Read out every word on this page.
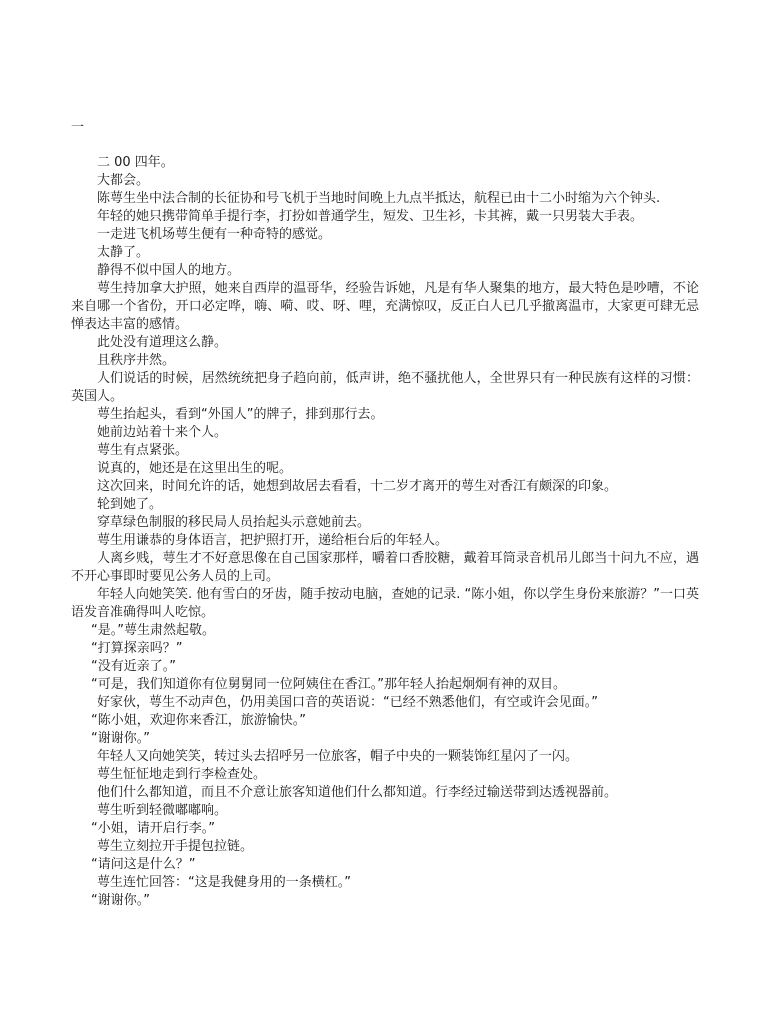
一

二 00 四年。

大都会。

陈萼生坐中法合制的长征协和号飞机于当地时间晚上九点半抵达，航程已由十二小时缩为六个钟头.

年轻的她只携带简单手提行李，打扮如普通学生，短发、卫生衫，卡其裤，戴一只男装大手表。

一走进飞机场萼生便有一种奇特的感觉。

太静了。

静得不似中国人的地方。

萼生持加拿大护照，她来自西岸的温哥华，经验告诉她，凡是有华人聚集的地方，最大特色是吵嘈，不论来自哪一个省份，开口必定哗，嗨、嗬、哎、呀、哩，充满惊叹，反正白人已几乎撤离温市，大家更可肆无忌惮表达丰富的感情。

此处没有道理这么静。

且秩序井然。

人们说话的时候，居然统统把身子趋向前，低声讲，绝不骚扰他人，全世界只有一种民族有这样的习惯：英国人。

萼生抬起头，看到“外国人”的牌子，排到那行去。

她前边站着十来个人。

萼生有点紧张。

说真的，她还是在这里出生的呢。

这次回来，时间允许的话，她想到故居去看看，十二岁才离开的萼生对香江有颇深的印象。

轮到她了。

穿草绿色制服的移民局人员抬起头示意她前去。

萼生用谦恭的身体语言，把护照打开，递给柜台后的年轻人。

人离乡贱，萼生才不好意思像在自己国家那样，嚼着口香胶糖，戴着耳筒录音机吊儿郎当十问九不应，遇不开心事即时要见公务人员的上司。

年轻人向她笑笑. 他有雪白的牙齿，随手按动电脑，查她的记录. “陈小姐，你以学生身份来旅游？”一口英语发音准确得叫人吃惊。

“是。”萼生肃然起敬。

“打算探亲吗？”

“没有近亲了。”

“可是，我们知道你有位舅舅同一位阿姨住在香江。”那年轻人抬起炯炯有神的双目。

好家伙，萼生不动声色，仍用美国口音的英语说：“已经不熟悉他们，有空或许会见面。”

“陈小姐，欢迎你来香江，旅游愉快。”

“谢谢你。”

年轻人又向她笑笑，转过头去招呼另一位旅客，帽子中央的一颗装饰红星闪了一闪。

萼生怔怔地走到行李检查处。

他们什么都知道，而且不介意让旅客知道他们什么都知道。行李经过输送带到达透视器前。

萼生听到轻微嘟嘟响。

“小姐，请开启行李。”

萼生立刻拉开手提包拉链。

“请问这是什么？”

萼生连忙回答：“这是我健身用的一条横杠。”

“谢谢你。”
